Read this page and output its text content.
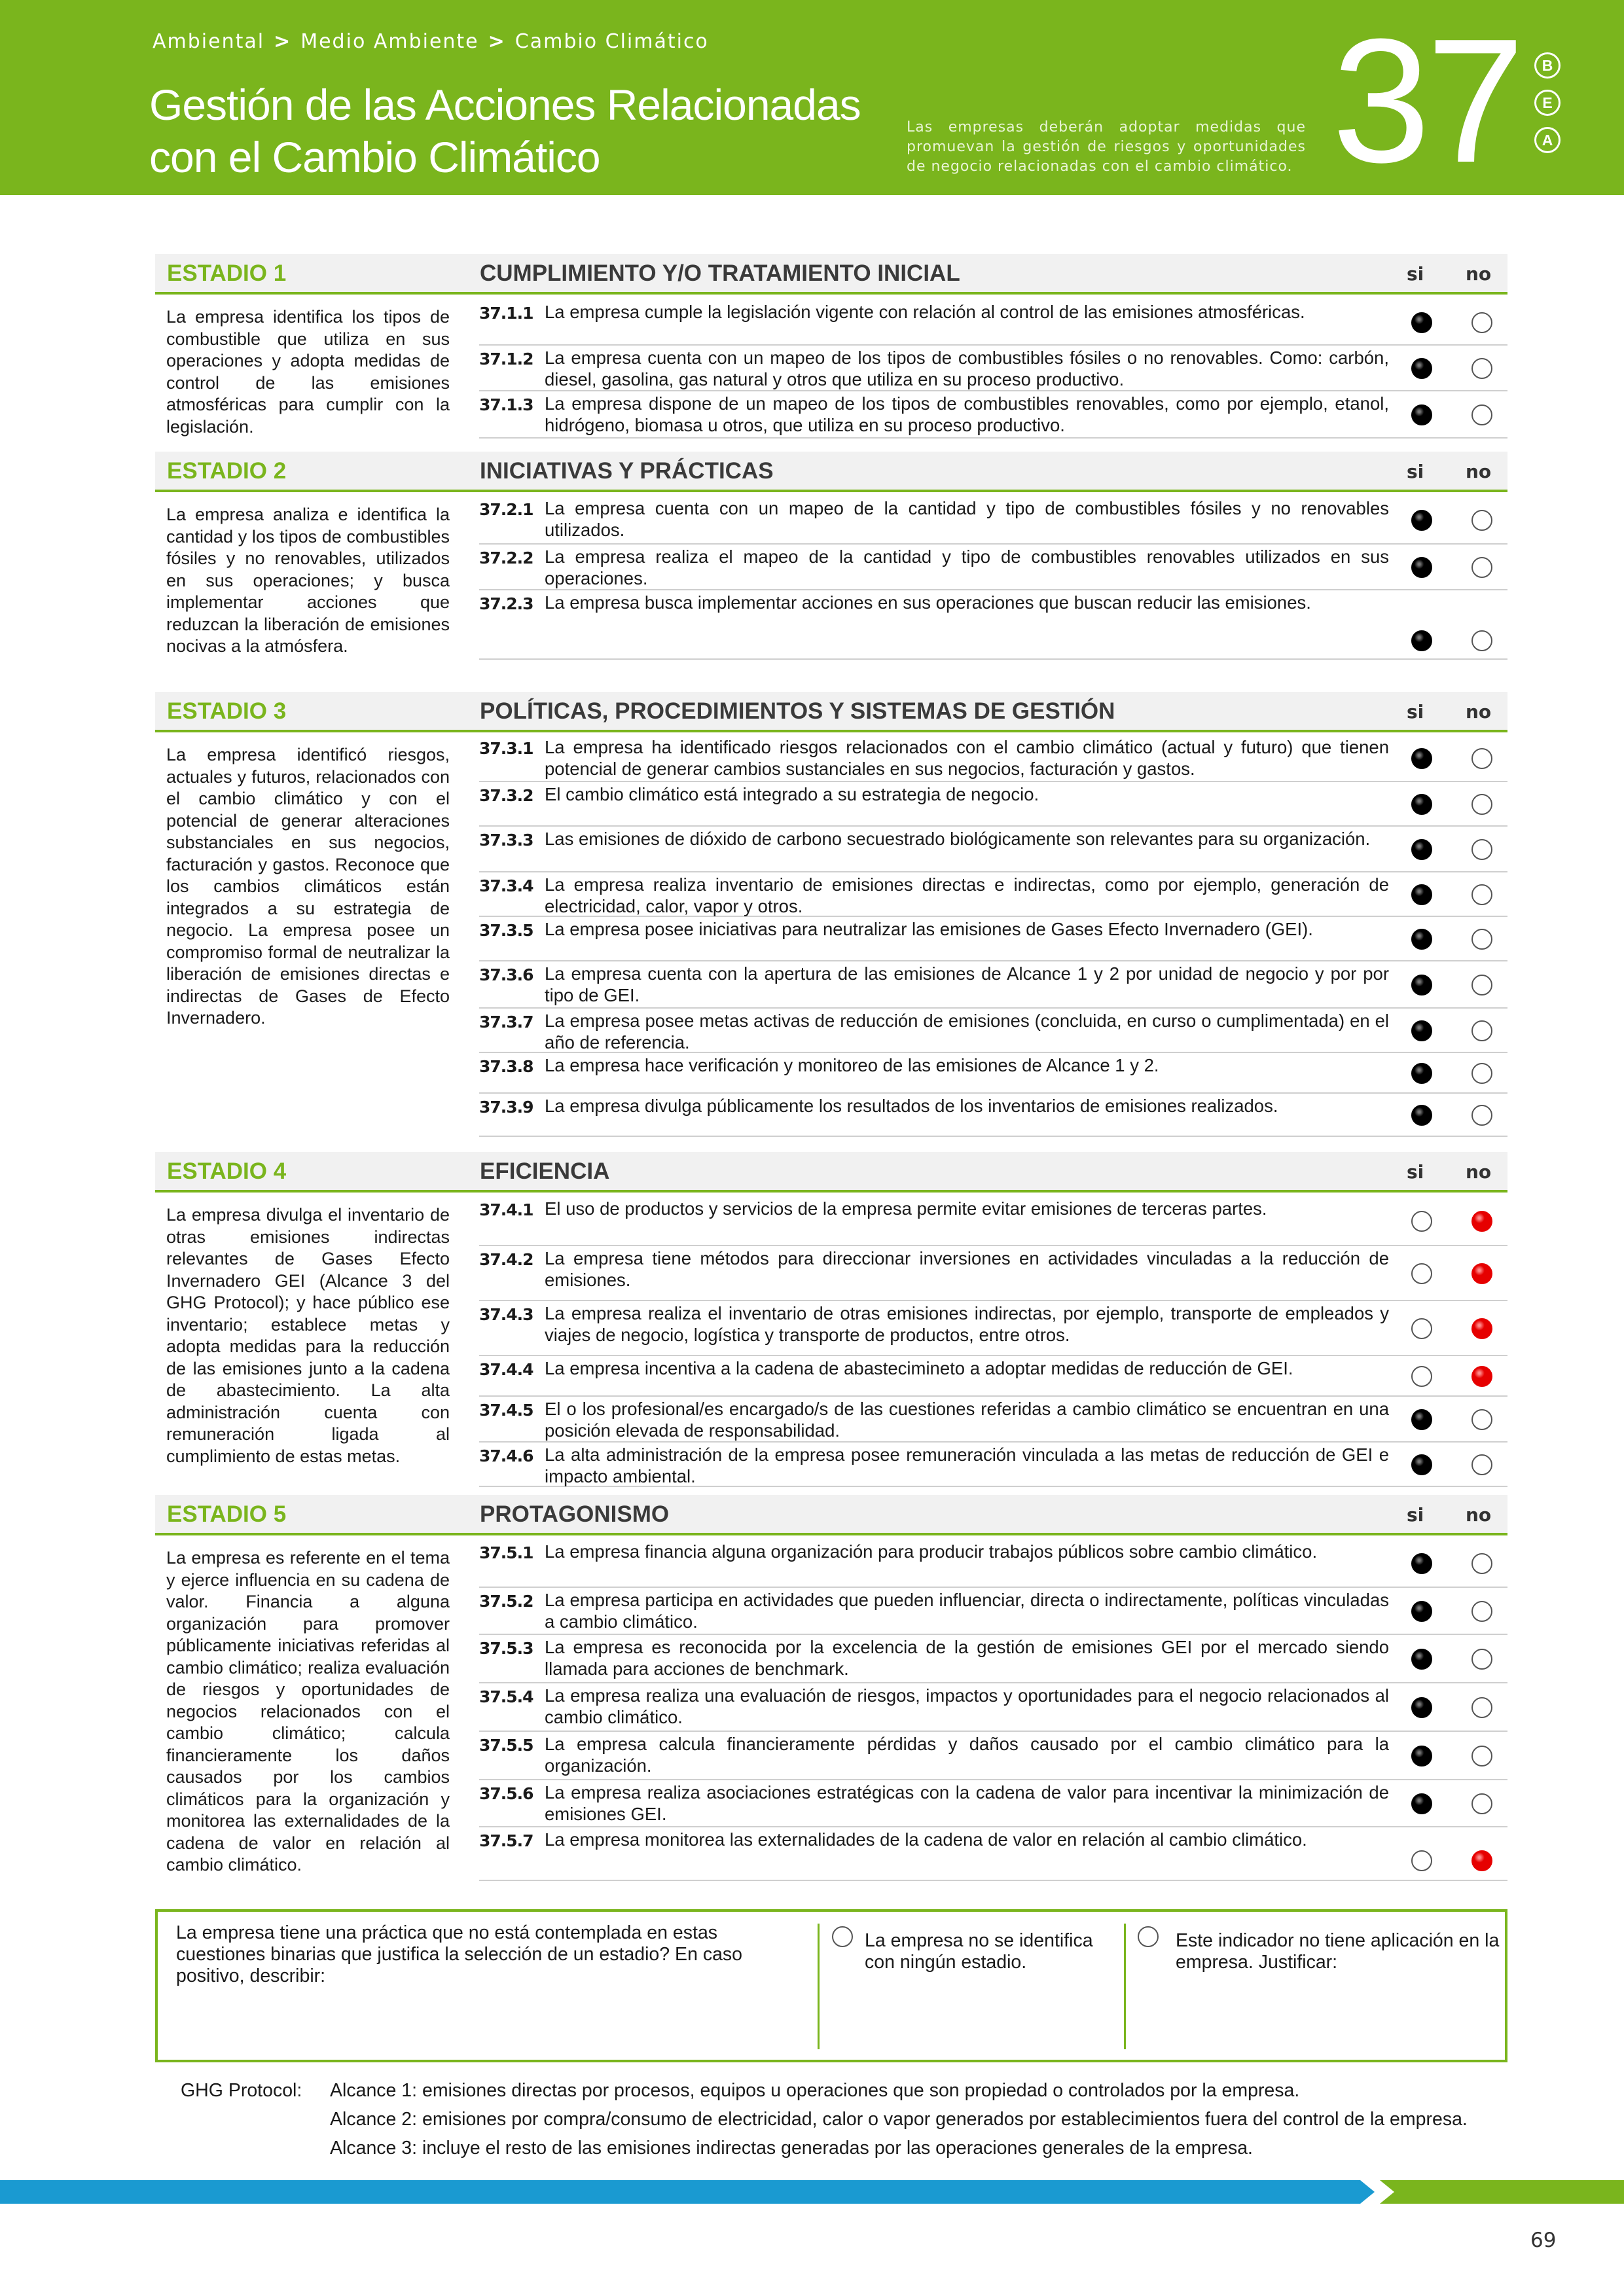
Ambiental > Medio Ambiente > Cambio Climático
Gestión de las Acciones Relacionadas con el Cambio Climático
Las empresas deberán adoptar medidas que promuevan la gestión de riesgos y oportunidades de negocio relacionadas con el cambio climático. 37	B
E
A
ESTADIO 1	CUMPLIMIENTO Y/O TRATAMIENTO INICIAL	si no
La empresa identifica los tipos de combustible que utiliza en sus operaciones y adopta medidas de control de las emisiones atmosféricas para cumplir con la legislación.
37.1.1 La empresa cumple la legislación vigente con relación al control de las emisiones atmosféricas.
37.1.2 La empresa cuenta con un mapeo de los tipos de combustibles fósiles o no renovables. Como: carbón, diesel, gasolina, gas natural y otros que utiliza en su proceso productivo.
37.1.3 La empresa dispone de un mapeo de los tipos de combustibles renovables, como por ejemplo, etanol, hidrógeno, biomasa u otros, que utiliza en su proceso productivo.
ESTADIO 2	INICIATIVAS Y PRÁCTICAS	si no
La empresa analiza e identifica la cantidad y los tipos de combustibles fósiles y no renovables, utilizados en sus operaciones; y busca implementar acciones que reduzcan la liberación de emisiones nocivas a la atmósfera.
37.2.1 La empresa cuenta con un mapeo de la cantidad y tipo de combustibles fósiles y no renovables utilizados.
37.2.2 La empresa realiza el mapeo de la cantidad y tipo de combustibles renovables utilizados en sus operaciones.
37.2.3 La empresa busca implementar acciones en sus operaciones que buscan reducir las emisiones.
ESTADIO 3	POLÍTICAS, PROCEDIMIENTOS Y SISTEMAS DE GESTIÓN	si no
La empresa identificó riesgos, actuales y futuros, relacionados con el cambio climático y con el potencial de generar alteraciones substanciales en sus negocios, facturación y gastos. Reconoce que los cambios climáticos están integrados a su estrategia de negocio. La empresa posee un compromiso formal de neutralizar la liberación de emisiones directas e indirectas de Gases de Efecto Invernadero.
37.3.1 La empresa ha identificado riesgos relacionados con el cambio climático (actual y futuro) que tienen potencial de generar cambios sustanciales en sus negocios, facturación y gastos.
37.3.2 El cambio climático está integrado a su estrategia de negocio.
37.3.3 Las emisiones de dióxido de carbono secuestrado biológicamente son relevantes para su organización.
37.3.4 La empresa realiza inventario de emisiones directas e indirectas, como por ejemplo, generación de electricidad, calor, vapor y otros.
37.3.5 La empresa posee iniciativas para neutralizar las emisiones de Gases Efecto Invernadero (GEI).
37.3.6 La empresa cuenta con la apertura de las emisiones de Alcance 1 y 2 por unidad de negocio y por por tipo de GEI.
37.3.7 La empresa posee metas activas de reducción de emisiones (concluida, en curso o cumplimentada) en el año de referencia.
37.3.8 La empresa hace verificación y monitoreo de las emisiones de Alcance 1 y 2.
37.3.9 La empresa divulga públicamente los resultados de los inventarios de emisiones realizados.
ESTADIO 4	EFICIENCIA	si no
La empresa divulga el inventario de otras emisiones indirectas relevantes de Gases Efecto Invernadero GEI (Alcance 3 del GHG Protocol); y hace público ese inventario; establece metas y adopta medidas para la reducción de las emisiones junto a la cadena de abastecimiento. La alta administración cuenta con remuneración ligada al cumplimiento de estas metas.
37.4.1 El uso de productos y servicios de la empresa permite evitar emisiones de terceras partes.
37.4.2 La empresa tiene métodos para direccionar inversiones en actividades vinculadas a la reducción de emisiones.
37.4.3 La empresa realiza el inventario de otras emisiones indirectas, por ejemplo, transporte de empleados y viajes de negocio, logística y transporte de productos, entre otros.
37.4.4 La empresa incentiva a la cadena de abastecimineto a adoptar medidas de reducción de GEI.
37.4.5 El o los profesional/es encargado/s de las cuestiones referidas a cambio climático se encuentran en una posición elevada de responsabilidad.
37.4.6 La alta administración de la empresa posee remuneración vinculada a las metas de reducción de GEI e impacto ambiental.
ESTADIO 5	PROTAGONISMO	si no
La empresa es referente en el tema y ejerce influencia en su cadena de valor. Financia a alguna organización para promover públicamente iniciativas referidas al cambio climático; realiza evaluación de riesgos y oportunidades de negocios relacionados con el cambio climático; calcula financieramente los daños causados por los cambios climáticos para la organización y monitorea las externalidades de la cadena de valor en relación al cambio climático.
37.5.1 La empresa financia alguna organización para producir trabajos públicos sobre cambio climático.
37.5.2 La empresa participa en actividades que pueden influenciar, directa o indirectamente, políticas vinculadas a cambio climático.
37.5.3 La empresa es reconocida por la excelencia de la gestión de emisiones GEI por el mercado siendo llamada para acciones de benchmark.
37.5.4 La empresa realiza una evaluación de riesgos, impactos y oportunidades para el negocio relacionados al cambio climático.
37.5.5 La empresa calcula financieramente pérdidas y daños causado por el cambio climático para la organización.
37.5.6 La empresa realiza asociaciones estratégicas con la cadena de valor para incentivar la minimización de emisiones GEI.
37.5.7 La empresa monitorea las externalidades de la cadena de valor en relación al cambio climático.
La empresa tiene una práctica que no está contemplada en estas cuestiones binarias que justifica la selección de un estadio? En caso positivo, describir:
La empresa no se identifica con ningún estadio.
Este indicador no tiene aplicación en la empresa. Justificar:
GHG Protocol:	Alcance 1: emisiones directas por procesos, equipos u operaciones que son propiedad o controlados por la empresa.
Alcance 2: emisiones por compra/consumo de electricidad, calor o vapor generados por establecimientos fuera del control de la empresa.
Alcance 3: incluye el resto de las emisiones indirectas generadas por las operaciones generales de la empresa.
69
